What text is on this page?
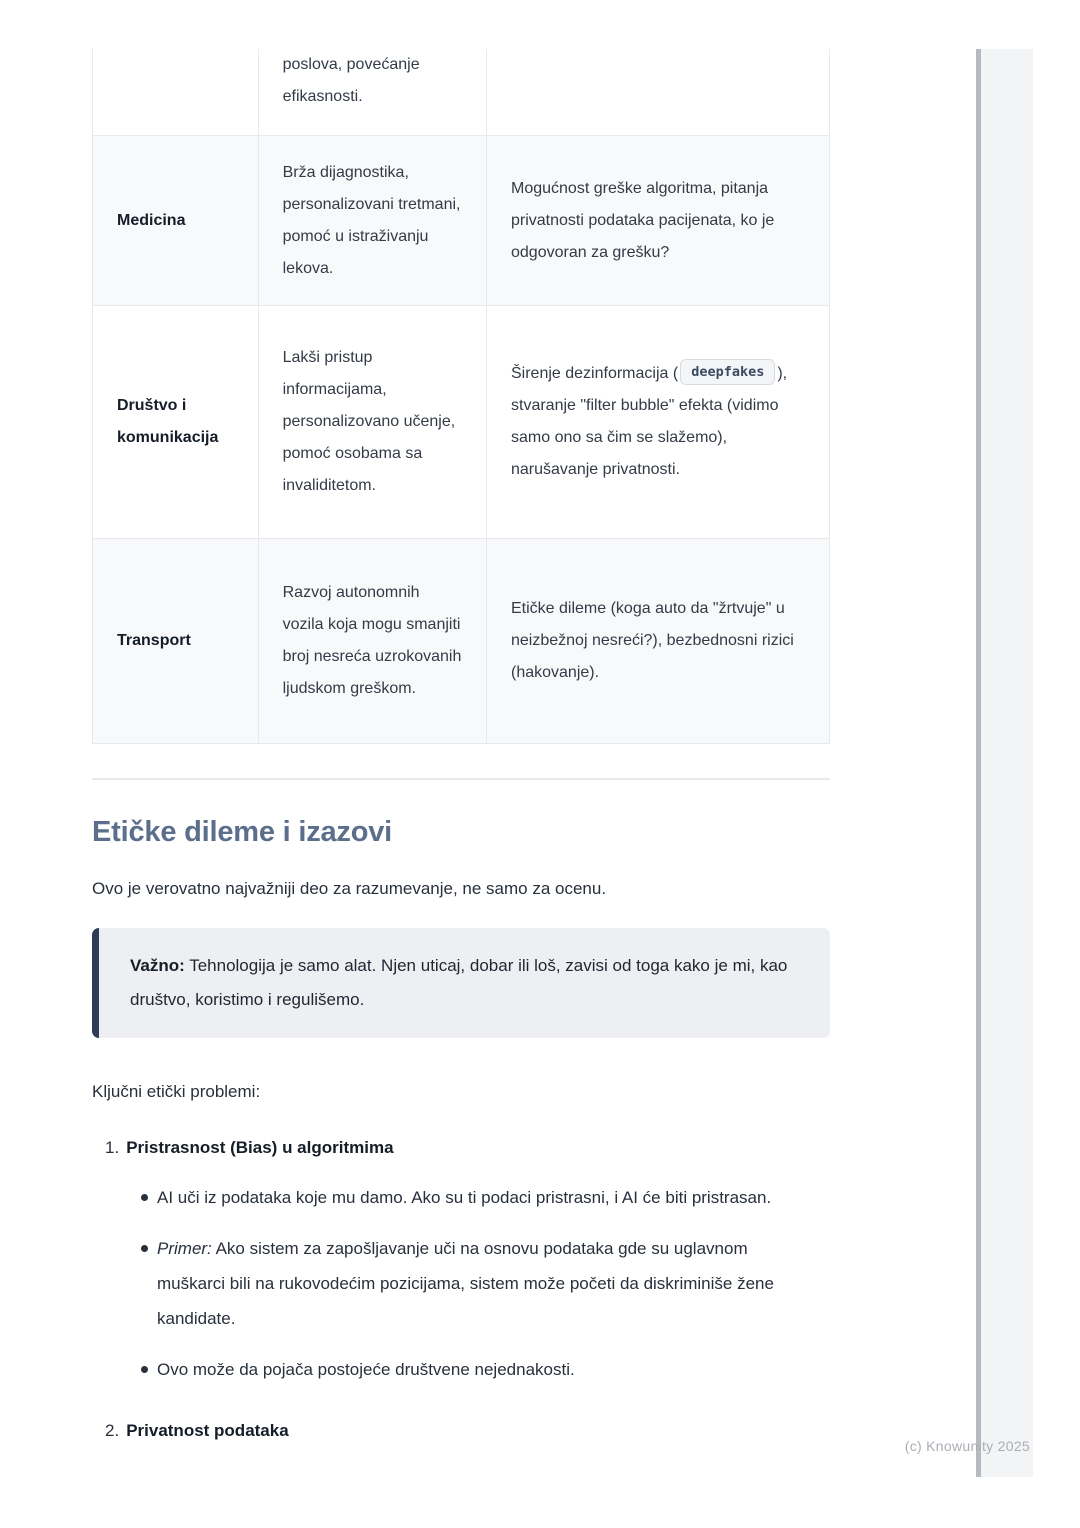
poslova, povećanje efikasnosti.
Medicina
Brža dijagnostika, personalizovani tretmani, pomoć u istraživanju lekova.
Mogućnost greške algoritma, pitanja privatnosti podataka pacijenata, ko je odgovoran za grešku?
Društvo i komunikacija
Lakši pristup informacijama, personalizovano učenje, pomoć osobama sa invaliditetom.
Širenje dezinformacija ( deepfakes ), stvaranje "filter bubble" efekta (vidimo samo ono sa čim se slažemo), narušavanje privatnosti.
Transport
Razvoj autonomnih vozila koja mogu smanjiti broj nesreća uzrokovanih ljudskom greškom.
Etičke dileme (koga auto da "žrtvuje" u neizbežnoj nesreći?), bezbednosni rizici (hakovanje).
Etičke dileme i izazovi

Ovo je verovatno najvažniji deo za razumevanje, ne samo za ocenu.

Važno: Tehnologija je samo alat. Njen uticaj, dobar ili loš, zavisi od toga kako je mi, kao društvo, koristimo i regulišemo.

Ključni etički problemi:

1. Pristrasnost (Bias) u algoritmima
AI uči iz podataka koje mu damo. Ako su ti podaci pristrasni, i AI će biti pristrasan.
Primer: Ako sistem za zapošljavanje uči na osnovu podataka gde su uglavnom muškarci bili na rukovodećim pozicijama, sistem može početi da diskriminiše žene kandidate.
Ovo može da pojača postojeće društvene nejednakosti.
2. Privatnost podataka
(c) Knowunity 2025
